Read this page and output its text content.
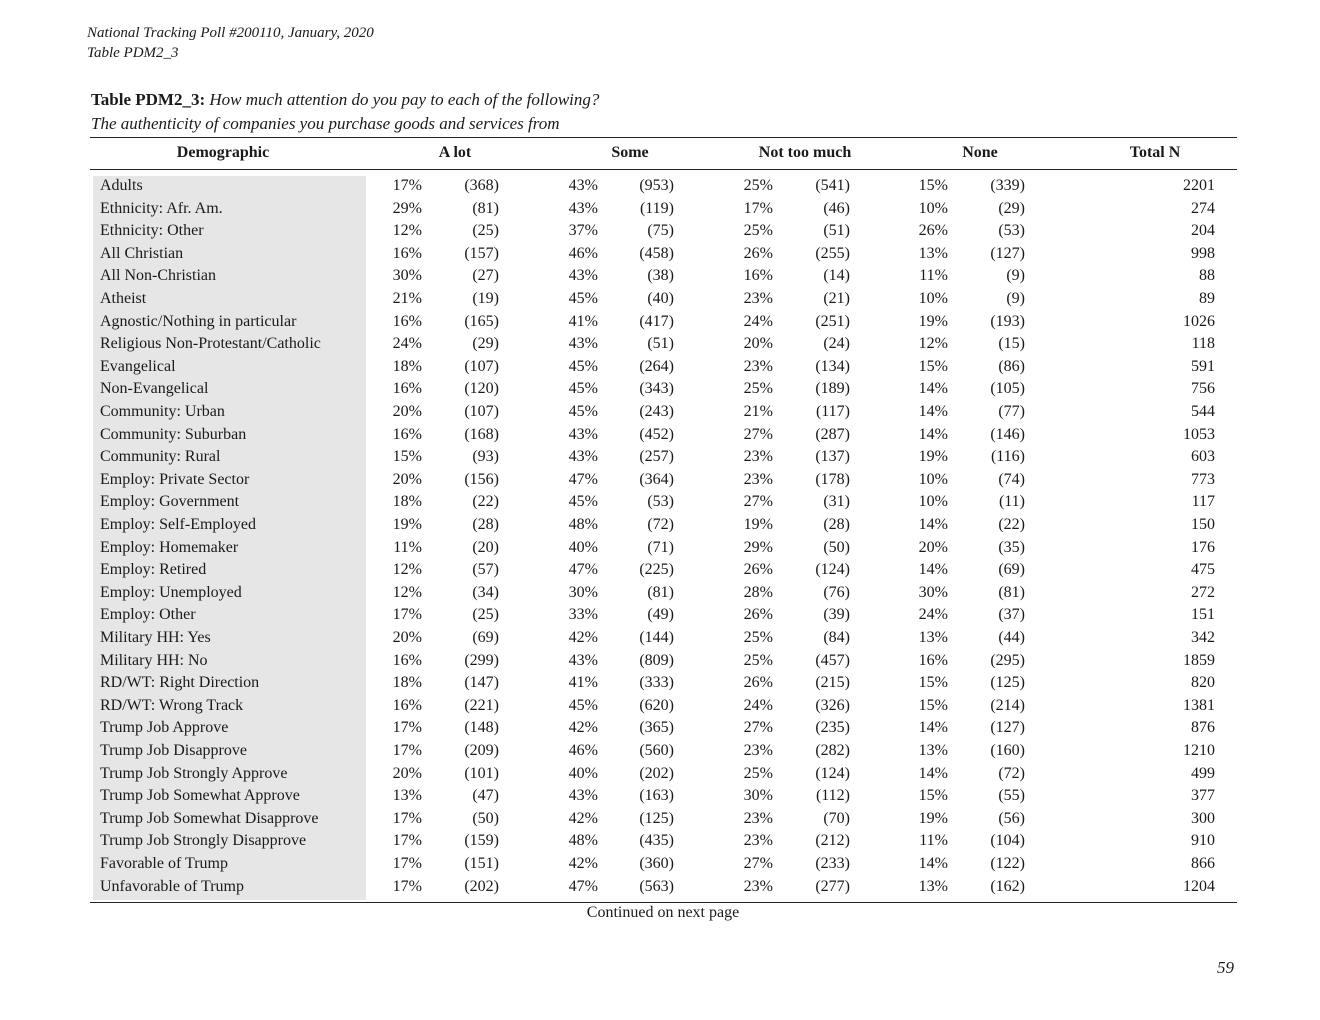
National Tracking Poll #200110, January, 2020
Table PDM2_3
Table PDM2_3: How much attention do you pay to each of the following?
The authenticity of companies you purchase goods and services from
Demographic	A lot	Some	Not too much	None	Total N
Adults	17%	(368)	43%	(953)	25%	(541)	15%	(339)	2201
Ethnicity: Afr. Am.	29%	(81)	43%	(119)	17%	(46)	10%	(29)	274
Ethnicity: Other	12%	(25)	37%	(75)	25%	(51)	26%	(53)	204
All Christian	16%	(157)	46%	(458)	26%	(255)	13%	(127)	998
All Non-Christian	30%	(27)	43%	(38)	16%	(14)	11%	(9)	88
Atheist	21%	(19)	45%	(40)	23%	(21)	10%	(9)	89
Agnostic/Nothing in particular	16%	(165)	41%	(417)	24%	(251)	19%	(193)	1026
Religious Non-Protestant/Catholic	24%	(29)	43%	(51)	20%	(24)	12%	(15)	118
Evangelical	18%	(107)	45%	(264)	23%	(134)	15%	(86)	591
Non-Evangelical	16%	(120)	45%	(343)	25%	(189)	14%	(105)	756
Community: Urban	20%	(107)	45%	(243)	21%	(117)	14%	(77)	544
Community: Suburban	16%	(168)	43%	(452)	27%	(287)	14%	(146)	1053
Community: Rural	15%	(93)	43%	(257)	23%	(137)	19%	(116)	603
Employ: Private Sector	20%	(156)	47%	(364)	23%	(178)	10%	(74)	773
Employ: Government	18%	(22)	45%	(53)	27%	(31)	10%	(11)	117
Employ: Self-Employed	19%	(28)	48%	(72)	19%	(28)	14%	(22)	150
Employ: Homemaker	11%	(20)	40%	(71)	29%	(50)	20%	(35)	176
Employ: Retired	12%	(57)	47%	(225)	26%	(124)	14%	(69)	475
Employ: Unemployed	12%	(34)	30%	(81)	28%	(76)	30%	(81)	272
Employ: Other	17%	(25)	33%	(49)	26%	(39)	24%	(37)	151
Military HH: Yes	20%	(69)	42%	(144)	25%	(84)	13%	(44)	342
Military HH: No	16%	(299)	43%	(809)	25%	(457)	16%	(295)	1859
RD/WT: Right Direction	18%	(147)	41%	(333)	26%	(215)	15%	(125)	820
RD/WT: Wrong Track	16%	(221)	45%	(620)	24%	(326)	15%	(214)	1381
Trump Job Approve	17%	(148)	42%	(365)	27%	(235)	14%	(127)	876
Trump Job Disapprove	17%	(209)	46%	(560)	23%	(282)	13%	(160)	1210
Trump Job Strongly Approve	20%	(101)	40%	(202)	25%	(124)	14%	(72)	499
Trump Job Somewhat Approve	13%	(47)	43%	(163)	30%	(112)	15%	(55)	377
Trump Job Somewhat Disapprove	17%	(50)	42%	(125)	23%	(70)	19%	(56)	300
Trump Job Strongly Disapprove	17%	(159)	48%	(435)	23%	(212)	11%	(104)	910
Favorable of Trump	17%	(151)	42%	(360)	27%	(233)	14%	(122)	866
Unfavorable of Trump	17%	(202)	47%	(563)	23%	(277)	13%	(162)	1204
Continued on next page
59
